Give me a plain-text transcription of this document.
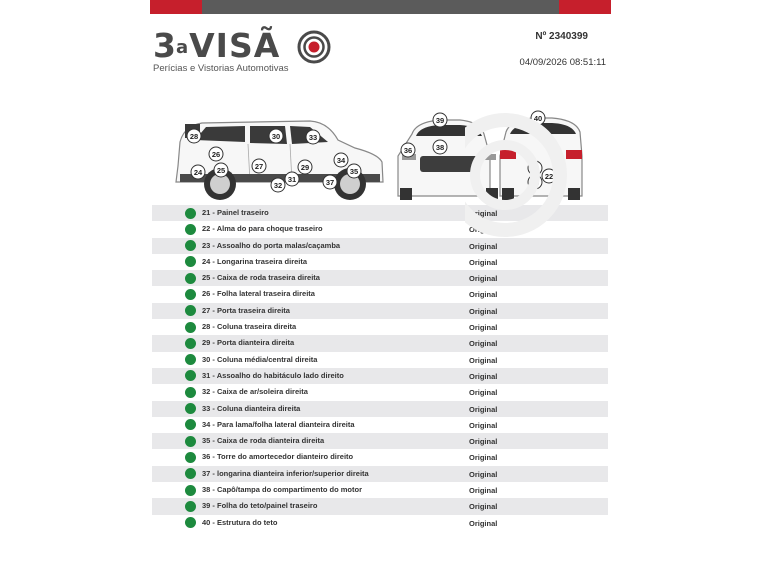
3$^a$VISÃ
Perícias e Vistorias Automotivas
Nº 2340399
04/09/2026 08:51:11
28	30	33
26
27	29
34
24 25	35
31	37
32
39
36	38
40
21
22
23
21 - Painel traseiro	Original
22 - Alma do para choque traseiro	Original
23 - Assoalho do porta malas/caçamba	Original
24 - Longarina traseira direita	Original
25 - Caixa de roda traseira direita	Original
26 - Folha lateral traseira direita	Original
27 - Porta traseira direita	Original
28 - Coluna traseira direita	Original
29 - Porta dianteira direita	Original
30 - Coluna média/central direita	Original
31 - Assoalho do habitáculo lado direito	Original
32 - Caixa de ar/soleira direita	Original
33 - Coluna dianteira direita	Original
34 - Para lama/folha lateral dianteira direita	Original
35 - Caixa de roda dianteira direita	Original
36 - Torre do amortecedor dianteiro direito	Original
37 - longarina dianteira inferior/superior direita	Original
38 - Capô/tampa do compartimento do motor	Original
39 - Folha do teto/painel traseiro	Original
40 - Estrutura do teto	Original
